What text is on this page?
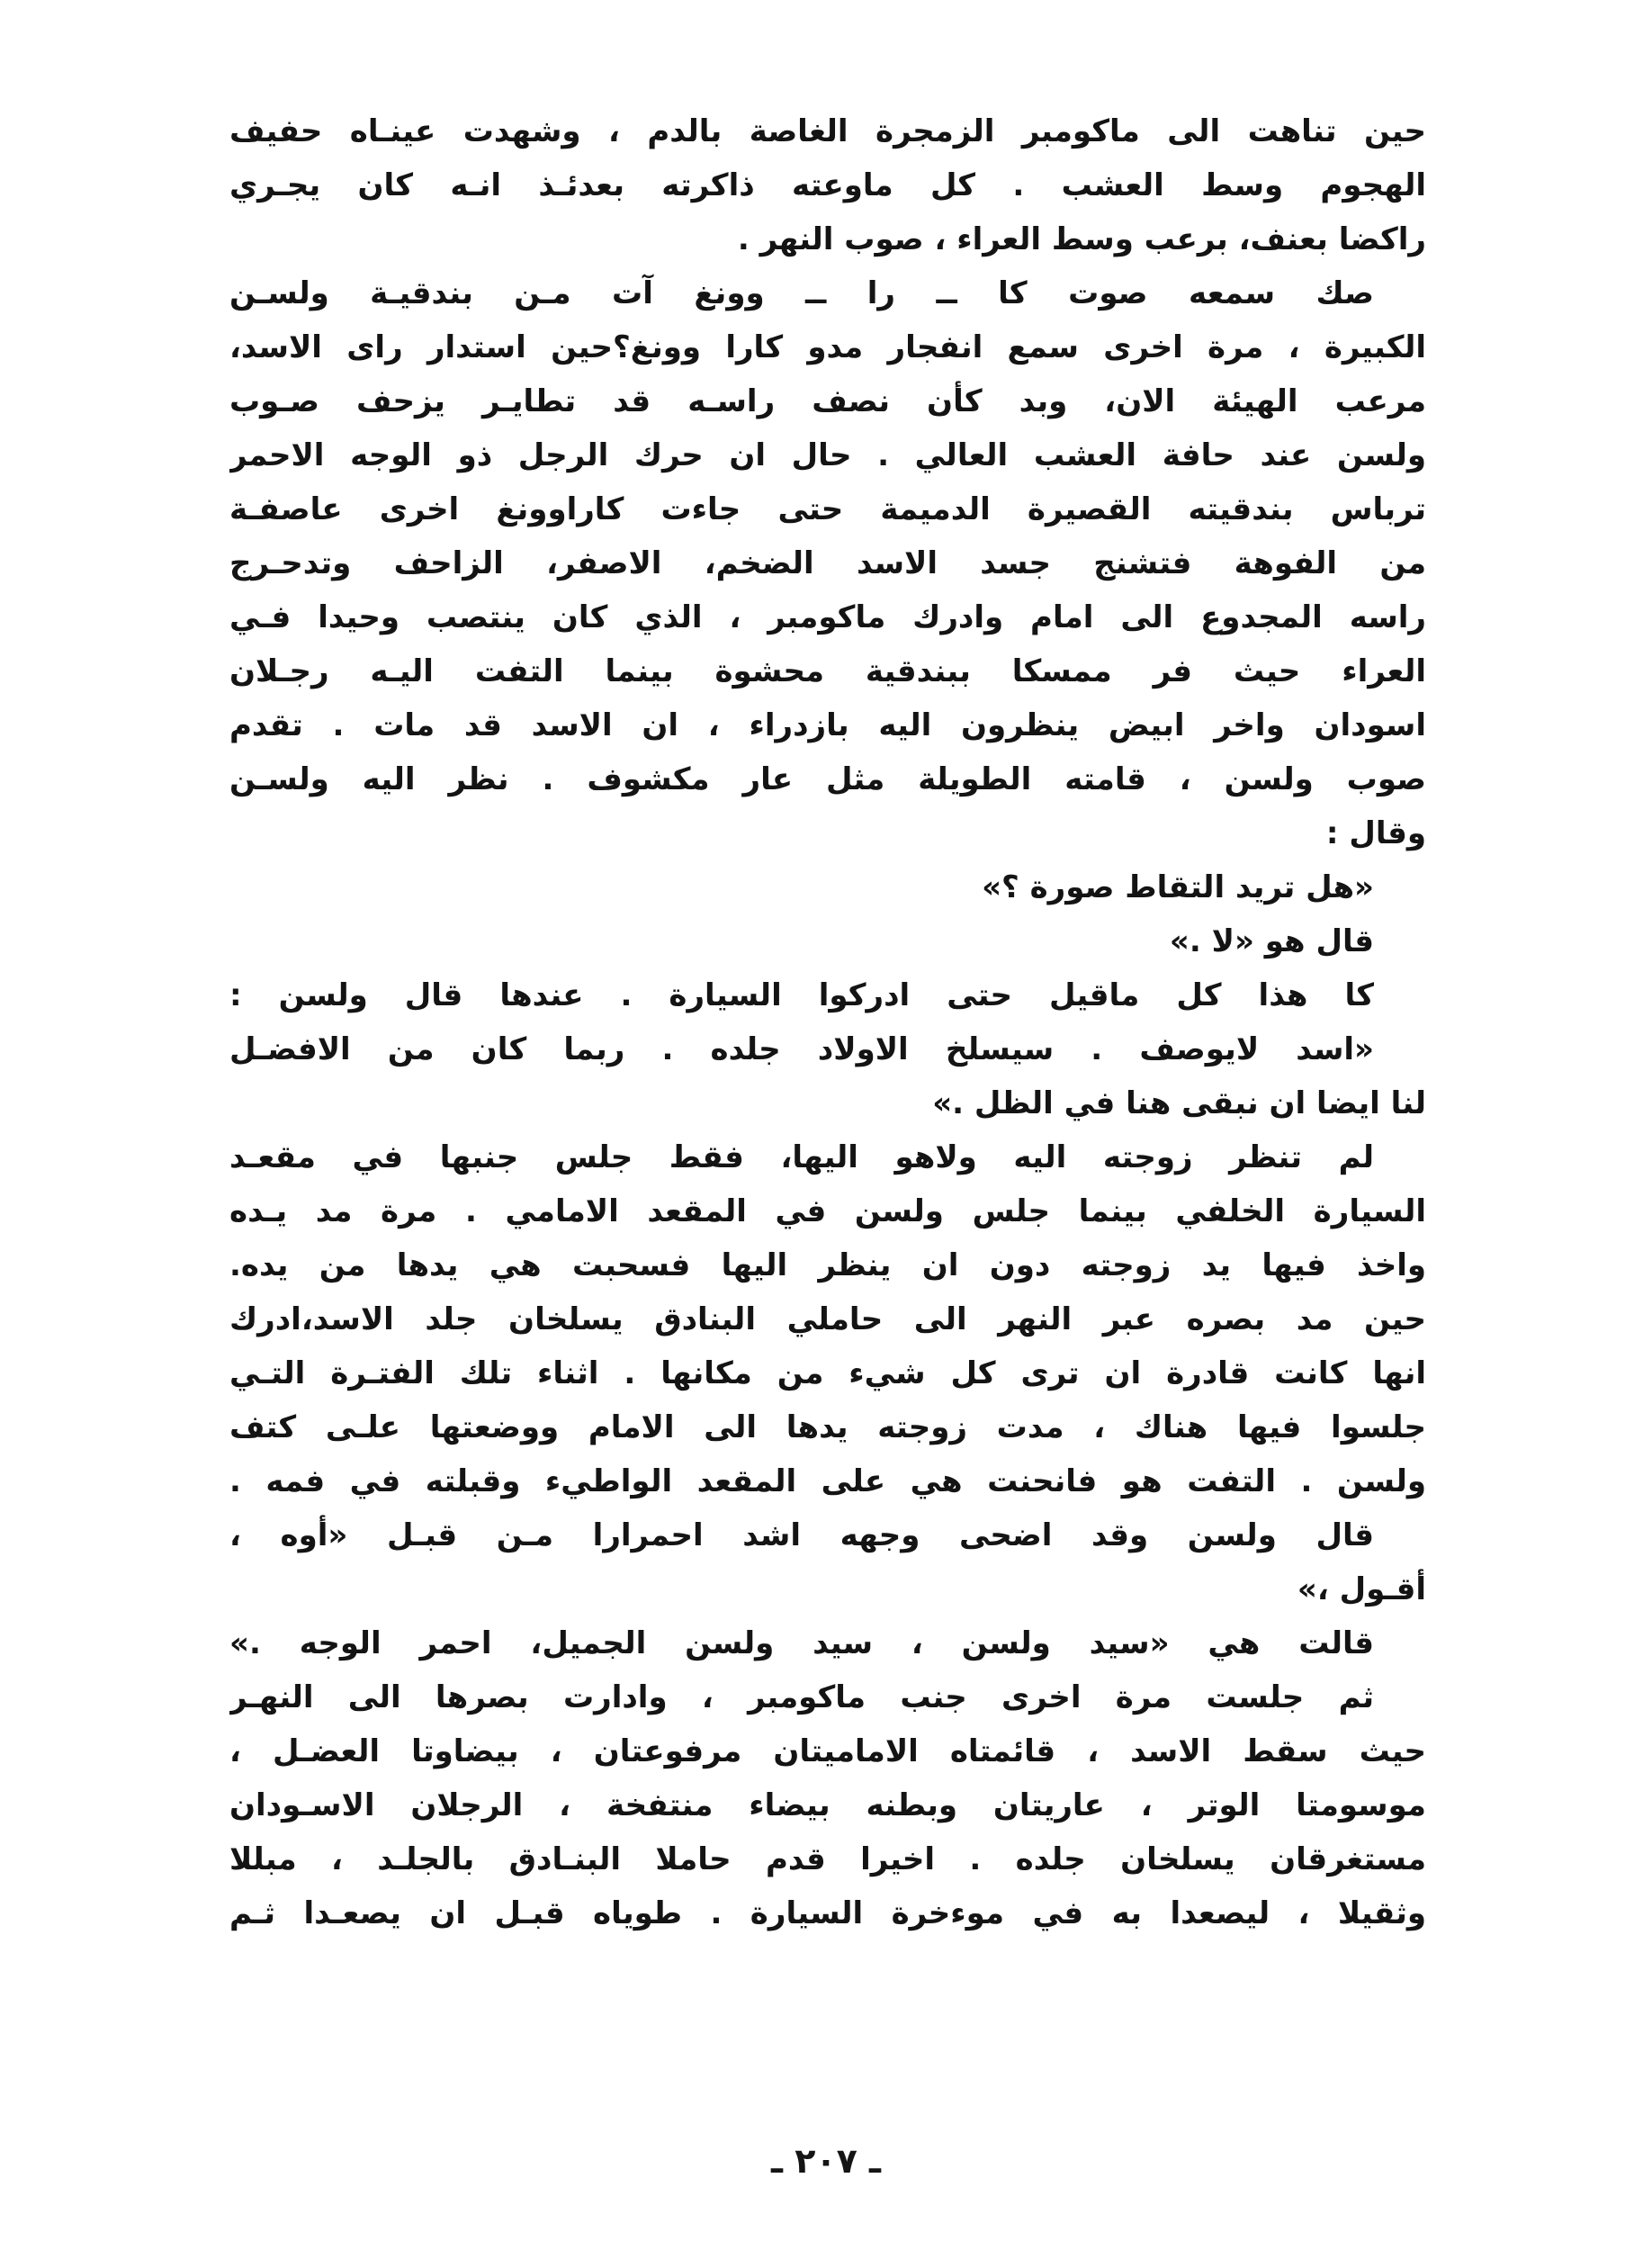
حين تناهت الى ماكومبر الزمجرة الغاصة بالدم ، وشهدت عينـاه حفيف
الهجوم وسط العشب . كل ماوعته ذاكرته بعدئـذ انـه كان يجـري
راكضا بعنف، برعب وسط العراء ، صوب النهر .
صك سمعه صوت كا ــ را ــ وونغ آت مـن بندقيـة ولسـن
الكبيرة ، مرة اخرى سمع انفجار مدو كارا وونغ؟حين استدار راى الاسد،
مرعب الهيئة الان، وبد كأن نصف راسـه قد تطايـر يزحف صـوب
ولسن عند حافة العشب العالي . حال ان حرك الرجل ذو الوجه الاحمر
ترباس بندقيته القصيرة الدميمة حتى جاءت كاراوونغ اخرى عاصفـة
من الفوهة فتشنج جسد الاسد الضخم، الاصفر، الزاحف وتدحـرج
راسه المجدوع الى امام وادرك ماكومبر ، الذي كان ينتصب وحيدا فـي
العراء حيث فر ممسكا ببندقية محشوة بينما التفت اليـه رجـلان
اسودان واخر ابيض ينظرون اليه بازدراء ، ان الاسد قد مات . تقدم
صوب ولسن ، قامته الطويلة مثل عار مكشوف . نظر اليه ولسـن
وقال :
«هل تريد التقاط صورة ؟»
قال هو «لا .»
كا هذا كل ماقيل حتى ادركوا السيارة . عندها قال ولسن :
«اسد لايوصف . سيسلخ الاولاد جلده . ربما كان من الافضـل
لنا ايضا ان نبقى هنا في الظل .»
لم تنظر زوجته اليه ولاهو اليها، فقط جلس جنبها في مقعـد
السيارة الخلفي بينما جلس ولسن في المقعد الامامي . مرة مد يـده
واخذ فيها يد زوجته دون ان ينظر اليها فسحبت هي يدها من يده.
حين مد بصره عبر النهر الى حاملي البنادق يسلخان جلد الاسد،ادرك
انها كانت قادرة ان ترى كل شيء من مكانها . اثناء تلك الفتـرة التـي
جلسوا فيها هناك ، مدت زوجته يدها الى الامام ووضعتها علـى كتف
ولسن . التفت هو فانحنت هي على المقعد الواطيء وقبلته في فمه .
قال ولسن وقد اضحى وجهه اشد احمرارا مـن قبـل «أوه ،
أقـول ،»
قالت هي «سيد ولسن ، سيد ولسن الجميل، احمر الوجه .»
ثم جلست مرة اخرى جنب ماكومبر ، وادارت بصرها الى النهـر
حيث سقط الاسد ، قائمتاه الاماميتان مرفوعتان ، بيضاوتا العضـل ،
موسومتا الوتر ، عاريتان وبطنه بيضاء منتفخة ، الرجلان الاسـودان
مستغرقان يسلخان جلده . اخيرا قدم حاملا البنـادق بالجلـد ، مبللا
وثقيلا ، ليصعدا به في موءخرة السيارة . طوياه قبـل ان يصعـدا ثـم
ـ ٢٠٧ ـ
